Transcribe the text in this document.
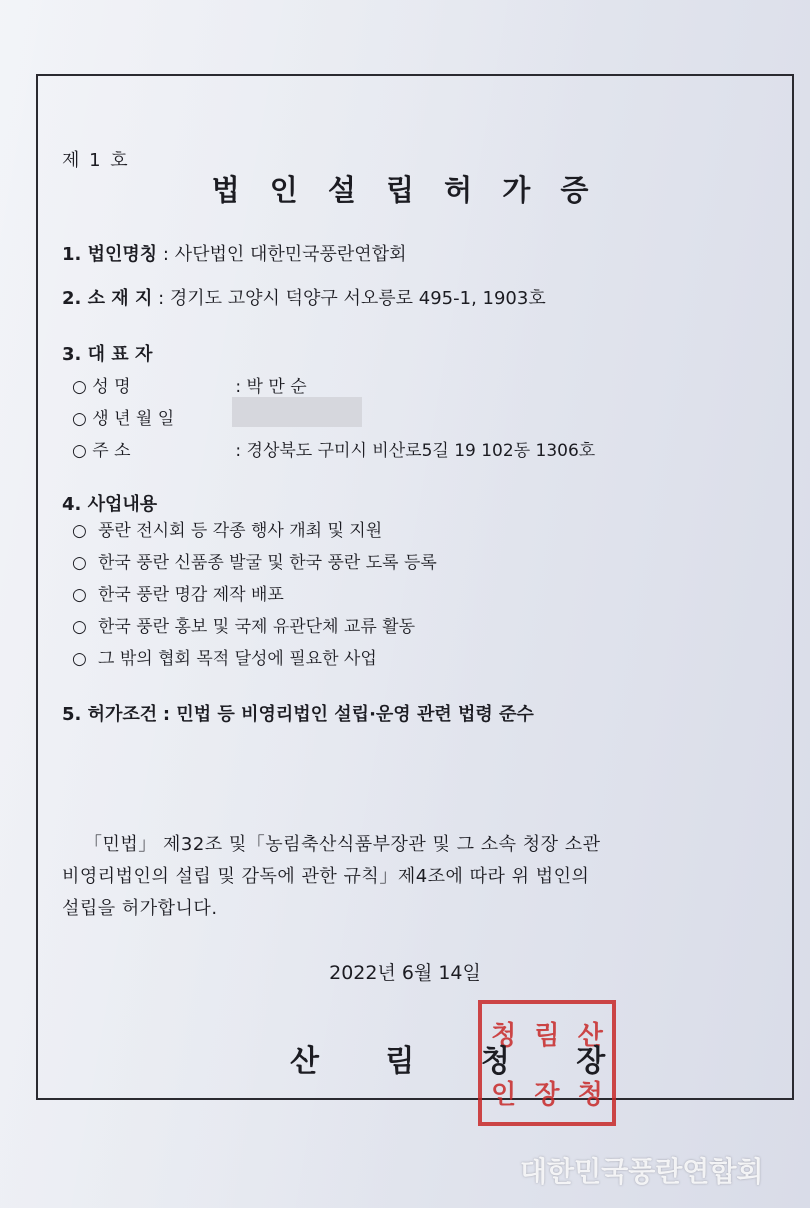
제 1 호
법 인 설 립 허 가 증
1. 법인명칭 : 사단법인 대한민국풍란연합회
2. 소 재 지 : 경기도 고양시 덕양구 서오릉로 495-1, 1903호
3. 대 표 자
○ 성 명	: 박 만 순
○ 생 년 월 일
○ 주 소	: 경상북도 구미시 비산로5길 19 102동 1306호
4. 사업내용
○ 풍란 전시회 등 각종 행사 개최 및 지원
○ 한국 풍란 신품종 발굴 및 한국 풍란 도록 등록
○ 한국 풍란 명감 제작 배포
○ 한국 풍란 홍보 및 국제 유관단체 교류 활동
○ 그 밖의 협회 목적 달성에 필요한 사업
5. 허가조건 : 민법 등 비영리법인 설립·운영 관련 법령 준수
「민법」 제32조 및「농림축산식품부장관 및 그 소속 청장 소관
비영리법인의 설립 및 감독에 관한 규칙」제4조에 따라 위 법인의
설립을 허가합니다.
2022년 6월 14일
청 림 산
인 장 청
산 림 청 장
대한민국풍란연합회
